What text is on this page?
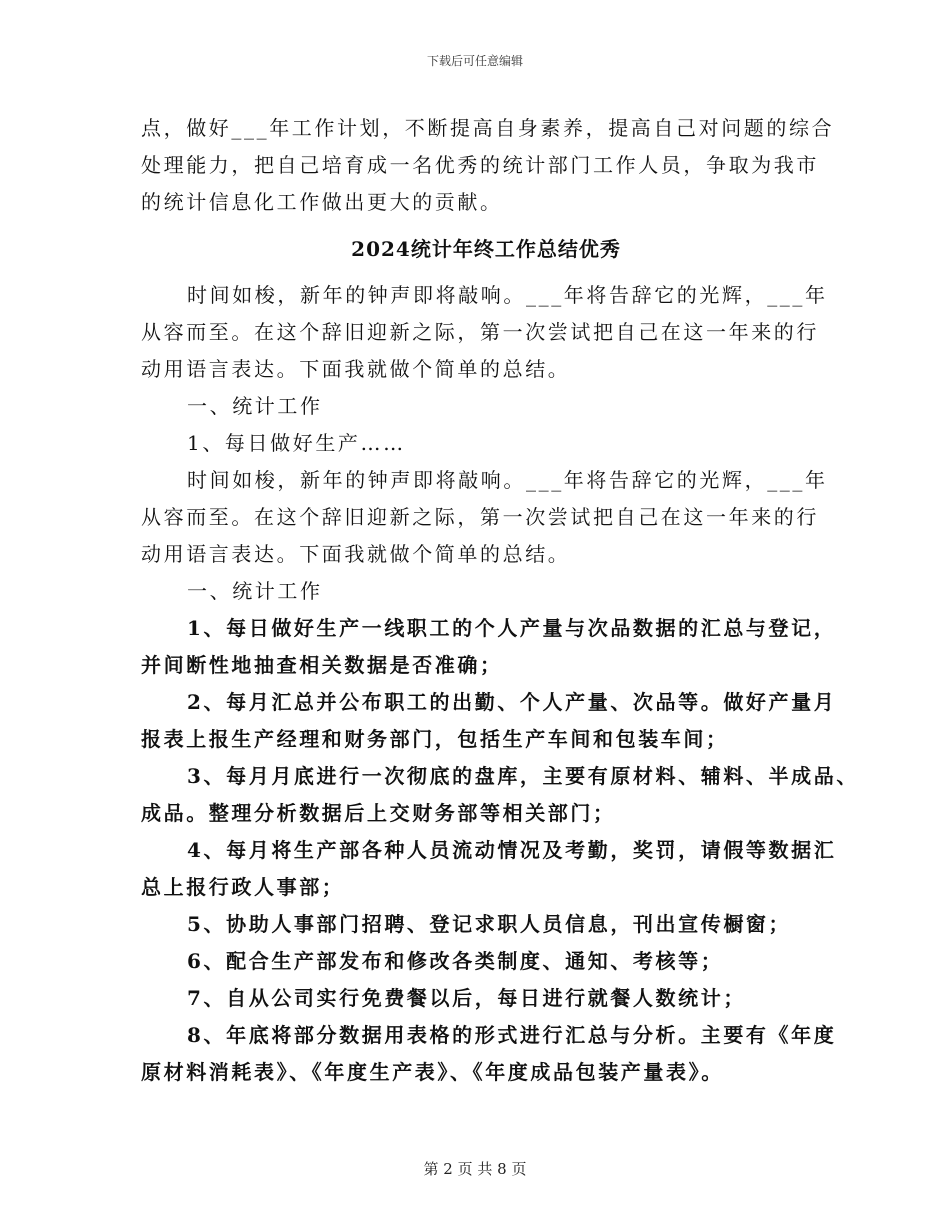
下载后可任意编辑
点，做好___年工作计划，不断提高自身素养，提高自己对问题的综合
处理能力，把自己培育成一名优秀的统计部门工作人员，争取为我市
的统计信息化工作做出更大的贡献。
2024统计年终工作总结优秀
时间如梭，新年的钟声即将敲响。___年将告辞它的光辉，___年
从容而至。在这个辞旧迎新之际，第一次尝试把自己在这一年来的行
动用语言表达。下面我就做个简单的总结。
一、统计工作
1、每日做好生产……
时间如梭，新年的钟声即将敲响。___年将告辞它的光辉，___年
从容而至。在这个辞旧迎新之际，第一次尝试把自己在这一年来的行
动用语言表达。下面我就做个简单的总结。
一、统计工作
1、每日做好生产一线职工的个人产量与次品数据的汇总与登记，
并间断性地抽查相关数据是否准确；
2、每月汇总并公布职工的出勤、个人产量、次品等。做好产量月
报表上报生产经理和财务部门，包括生产车间和包装车间；
3、每月月底进行一次彻底的盘库，主要有原材料、辅料、半成品、
成品。整理分析数据后上交财务部等相关部门；
4、每月将生产部各种人员流动情况及考勤，奖罚，请假等数据汇
总上报行政人事部；
5、协助人事部门招聘、登记求职人员信息，刊出宣传橱窗；
6、配合生产部发布和修改各类制度、通知、考核等；
7、自从公司实行免费餐以后，每日进行就餐人数统计；
8、年底将部分数据用表格的形式进行汇总与分析。主要有《年度
原材料消耗表》、《年度生产表》、《年度成品包装产量表》。
第 2 页 共 8 页
